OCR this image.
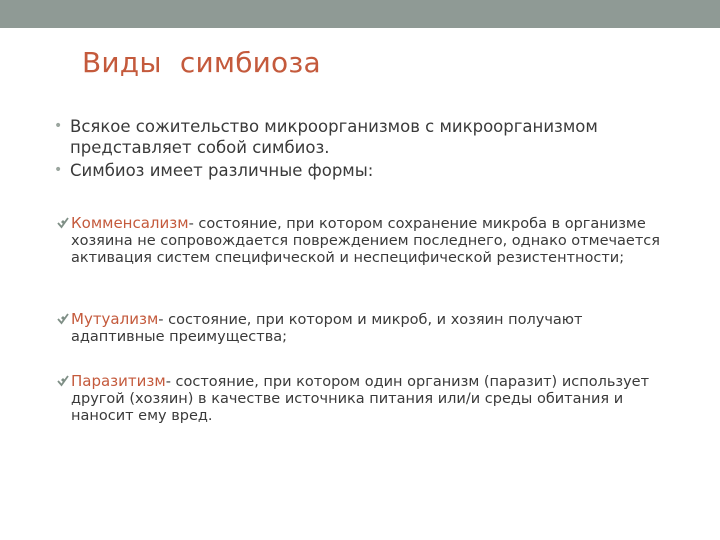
Виды  симбиоза
• Всякое сожительство микроорганизмов с микроорганизмом представляет собой симбиоз.
• Симбиоз имеет различные формы:
Комменсализм- состояние, при котором сохранение микроба в организме хозяина не сопровождается повреждением последнего, однако отмечается активация систем специфической и неспецифической резистентности;
Мутуализм- состояние, при котором и микроб, и хозяин получают адаптивные преимущества;
Паразитизм- состояние, при котором один организм (паразит) использует другой (хозяин) в качестве источника питания или/и среды обитания и наносит ему вред.
